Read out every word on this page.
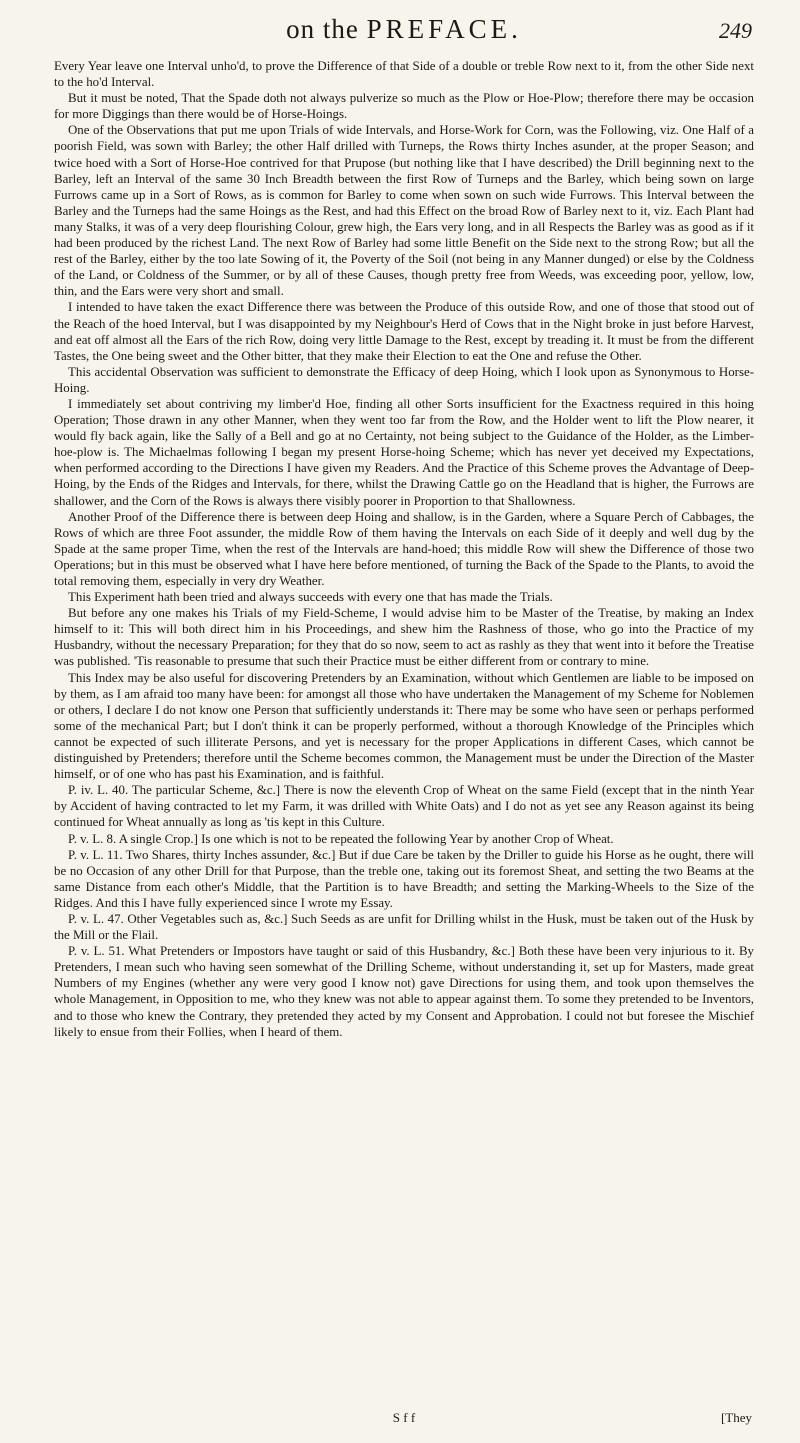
on the PREFACE.	249

Every Year leave one Interval unho'd, to prove the Difference of that Side of a double or treble Row next to it, from the other Side next to the ho'd Interval.

But it must be noted, That the Spade doth not always pulverize so much as the Plow or Hoe-Plow; therefore there may be occasion for more Diggings than there would be of Horse-Hoings.

One of the Observations that put me upon Trials of wide Intervals, and Horse-Work for Corn, was the Following, viz. One Half of a poorish Field, was sown with Barley; the other Half drilled with Turneps, the Rows thirty Inches asunder, at the proper Season; and twice hoed with a Sort of Horse-Hoe contrived for that Prupose (but nothing like that I have described) the Drill beginning next to the Barley, left an Interval of the same 30 Inch Breadth between the first Row of Turneps and the Barley, which being sown on large Furrows came up in a Sort of Rows, as is common for Barley to come when sown on such wide Furrows. This Interval between the Barley and the Turneps had the same Hoings as the Rest, and had this Effect on the broad Row of Barley next to it, viz. Each Plant had many Stalks, it was of a very deep flourishing Colour, grew high, the Ears very long, and in all Respects the Barley was as good as if it had been produced by the richest Land. The next Row of Barley had some little Benefit on the Side next to the strong Row; but all the rest of the Barley, either by the too late Sowing of it, the Poverty of the Soil (not being in any Manner dunged) or else by the Coldness of the Land, or Coldness of the Summer, or by all of these Causes, though pretty free from Weeds, was exceeding poor, yellow, low, thin, and the Ears were very short and small.

I intended to have taken the exact Difference there was between the Produce of this outside Row, and one of those that stood out of the Reach of the hoed Interval, but I was disappointed by my Neighbour's Herd of Cows that in the Night broke in just before Harvest, and eat off almost all the Ears of the rich Row, doing very little Damage to the Rest, except by treading it. It must be from the different Tastes, the One being sweet and the Other bitter, that they make their Election to eat the One and refuse the Other.

This accidental Observation was sufficient to demonstrate the Efficacy of deep Hoing, which I look upon as Synonymous to Horse-Hoing.

I immediately set about contriving my limber'd Hoe, finding all other Sorts insufficient for the Exactness required in this hoing Operation; Those drawn in any other Manner, when they went too far from the Row, and the Holder went to lift the Plow nearer, it would fly back again, like the Sally of a Bell and go at no Certainty, not being subject to the Guidance of the Holder, as the Limber-hoe-plow is. The Michaelmas following I began my present Horse-hoing Scheme; which has never yet deceived my Expectations, when performed according to the Directions I have given my Readers. And the Practice of this Scheme proves the Advantage of Deep-Hoing, by the Ends of the Ridges and Intervals, for there, whilst the Drawing Cattle go on the Headland that is higher, the Furrows are shallower, and the Corn of the Rows is always there visibly poorer in Proportion to that Shallowness.

Another Proof of the Difference there is between deep Hoing and shallow, is in the Garden, where a Square Perch of Cabbages, the Rows of which are three Foot assunder, the middle Row of them having the Intervals on each Side of it deeply and well dug by the Spade at the same proper Time, when the rest of the Intervals are hand-hoed; this middle Row will shew the Difference of those two Operations; but in this must be observed what I have here before mentioned, of turning the Back of the Spade to the Plants, to avoid the total removing them, especially in very dry Weather.

This Experiment hath been tried and always succeeds with every one that has made the Trials.

But before any one makes his Trials of my Field-Scheme, I would advise him to be Master of the Treatise, by making an Index himself to it: This will both direct him in his Proceedings, and shew him the Rashness of those, who go into the Practice of my Husbandry, without the necessary Preparation; for they that do so now, seem to act as rashly as they that went into it before the Treatise was published. 'Tis reasonable to presume that such their Practice must be either different from or contrary to mine.

This Index may be also useful for discovering Pretenders by an Examination, without which Gentlemen are liable to be imposed on by them, as I am afraid too many have been: for amongst all those who have undertaken the Management of my Scheme for Noblemen or others, I declare I do not know one Person that sufficiently understands it: There may be some who have seen or perhaps performed some of the mechanical Part; but I don't think it can be properly performed, without a thorough Knowledge of the Principles which cannot be expected of such illiterate Persons, and yet is necessary for the proper Applications in different Cases, which cannot be distinguished by Pretenders; therefore until the Scheme becomes common, the Management must be under the Direction of the Master himself, or of one who has past his Examination, and is faithful.

P. iv. L. 40. The particular Scheme, &c.] There is now the eleventh Crop of Wheat on the same Field (except that in the ninth Year by Accident of having contracted to let my Farm, it was drilled with White Oats) and I do not as yet see any Reason against its being continued for Wheat annually as long as 'tis kept in this Culture.

P. v. L. 8. A single Crop.] Is one which is not to be repeated the following Year by another Crop of Wheat.

P. v. L. 11. Two Shares, thirty Inches assunder, &c.] But if due Care be taken by the Driller to guide his Horse as he ought, there will be no Occasion of any other Drill for that Purpose, than the treble one, taking out its foremost Sheat, and setting the two Beams at the same Distance from each other's Middle, that the Partition is to have Breadth; and setting the Marking-Wheels to the Size of the Ridges. And this I have fully experienced since I wrote my Essay.

P. v. L. 47. Other Vegetables such as, &c.] Such Seeds as are unfit for Drilling whilst in the Husk, must be taken out of the Husk by the Mill or the Flail.

P. v. L. 51. What Pretenders or Impostors have taught or said of this Husbandry, &c.] Both these have been very injurious to it. By Pretenders, I mean such who having seen somewhat of the Drilling Scheme, without understanding it, set up for Masters, made great Numbers of my Engines (whether any were very good I know not) gave Directions for using them, and took upon themselves the whole Management, in Opposition to me, who they knew was not able to appear against them. To some they pretended to be Inventors, and to those who knew the Contrary, they pretended they acted by my Consent and Approbation. I could not but foresee the Mischief likely to ensue from their Follies, when I heard of them.

S f f	[They
